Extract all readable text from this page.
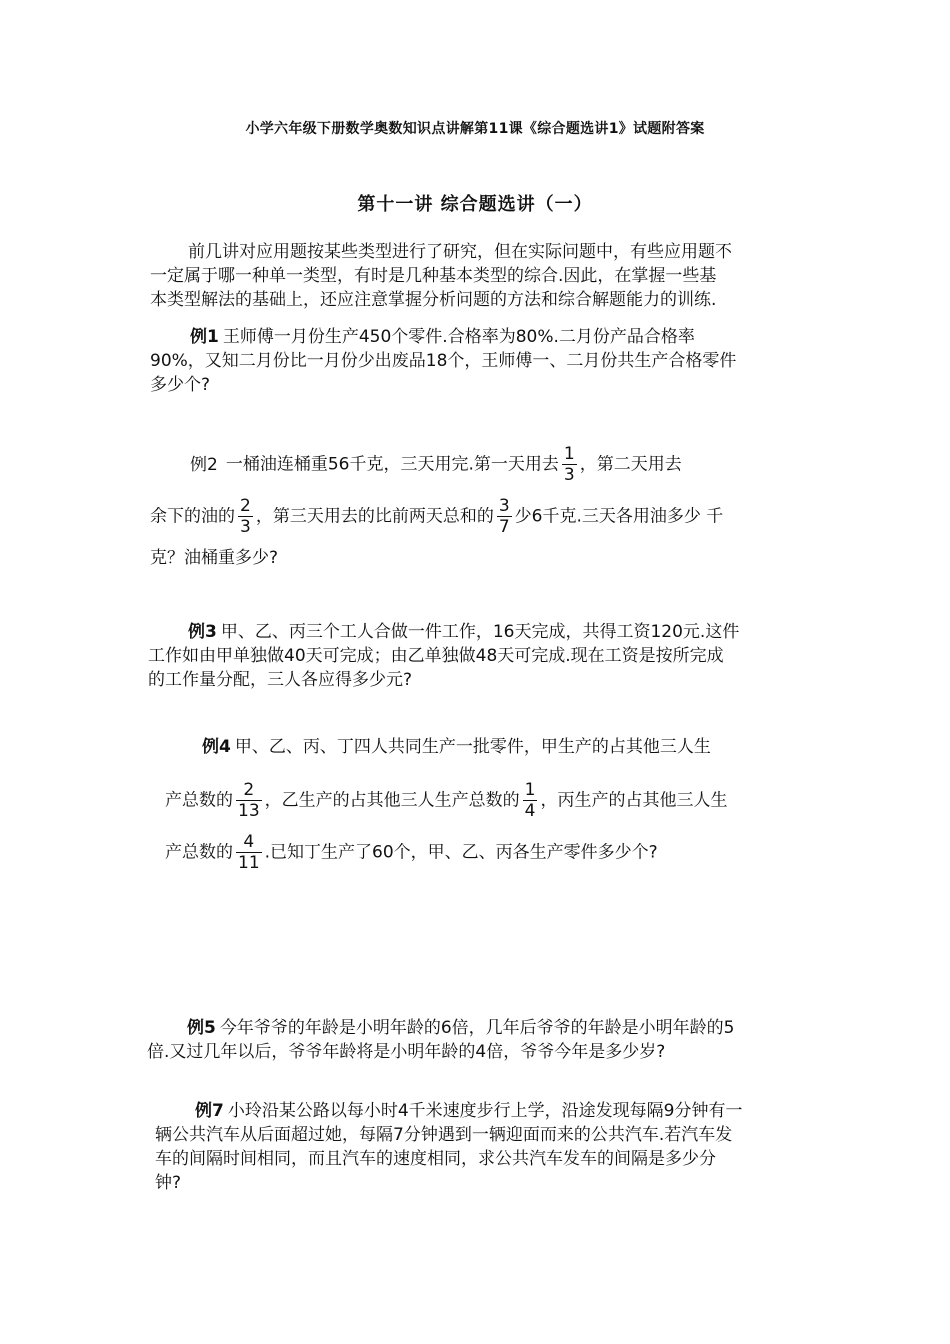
小学六年级下册数学奥数知识点讲解第11课《综合题选讲1》试题附答案
第十一讲 综合题选讲（一）
前几讲对应用题按某些类型进行了研究，但在实际问题中，有些应用题不
一定属于哪一种单一类型，有时是几种基本类型的综合.因此，在掌握一些基
本类型解法的基础上，还应注意掌握分析问题的方法和综合解题能力的训练.
例1 王师傅一月份生产450个零件.合格率为80%.二月份产品合格率
90%，又知二月份比一月份少出废品18个，王师傅一、二月份共生产合格零件
多少个?
例2 一桶油连桶重56千克，三天用完.第一天用去 $\frac{1}{3}$ ，第二天用去
余下的油的 $\frac{2}{3}$ ，第三天用去的比前两天总和的 $\frac{3}{7}$ 少6千克.三天各用油多少 千
克？油桶重多少?
例3 甲、乙、丙三个工人合做一件工作，16天完成，共得工资120元.这件
工作如由甲单独做40天可完成；由乙单独做48天可完成.现在工资是按所完成
的工作量分配，三人各应得多少元?
例4 甲、乙、丙、丁四人共同生产一批零件，甲生产的占其他三人生
产总数的 $\frac{2}{13}$ ，乙生产的占其他三人生产总数的 $\frac{1}{4}$ ，丙生产的占其他三人生
产总数的 $\frac{4}{11}$ .已知丁生产了60个，甲、乙、丙各生产零件多少个?
例5 今年爷爷的年龄是小明年龄的6倍，几年后爷爷的年龄是小明年龄的5
倍.又过几年以后，爷爷年龄将是小明年龄的4倍，爷爷今年是多少岁?
例7 小玲沿某公路以每小时4千米速度步行上学，沿途发现每隔9分钟有一
辆公共汽车从后面超过她，每隔7分钟遇到一辆迎面而来的公共汽车.若汽车发
车的间隔时间相同，而且汽车的速度相同，求公共汽车发车的间隔是多少分
钟?
